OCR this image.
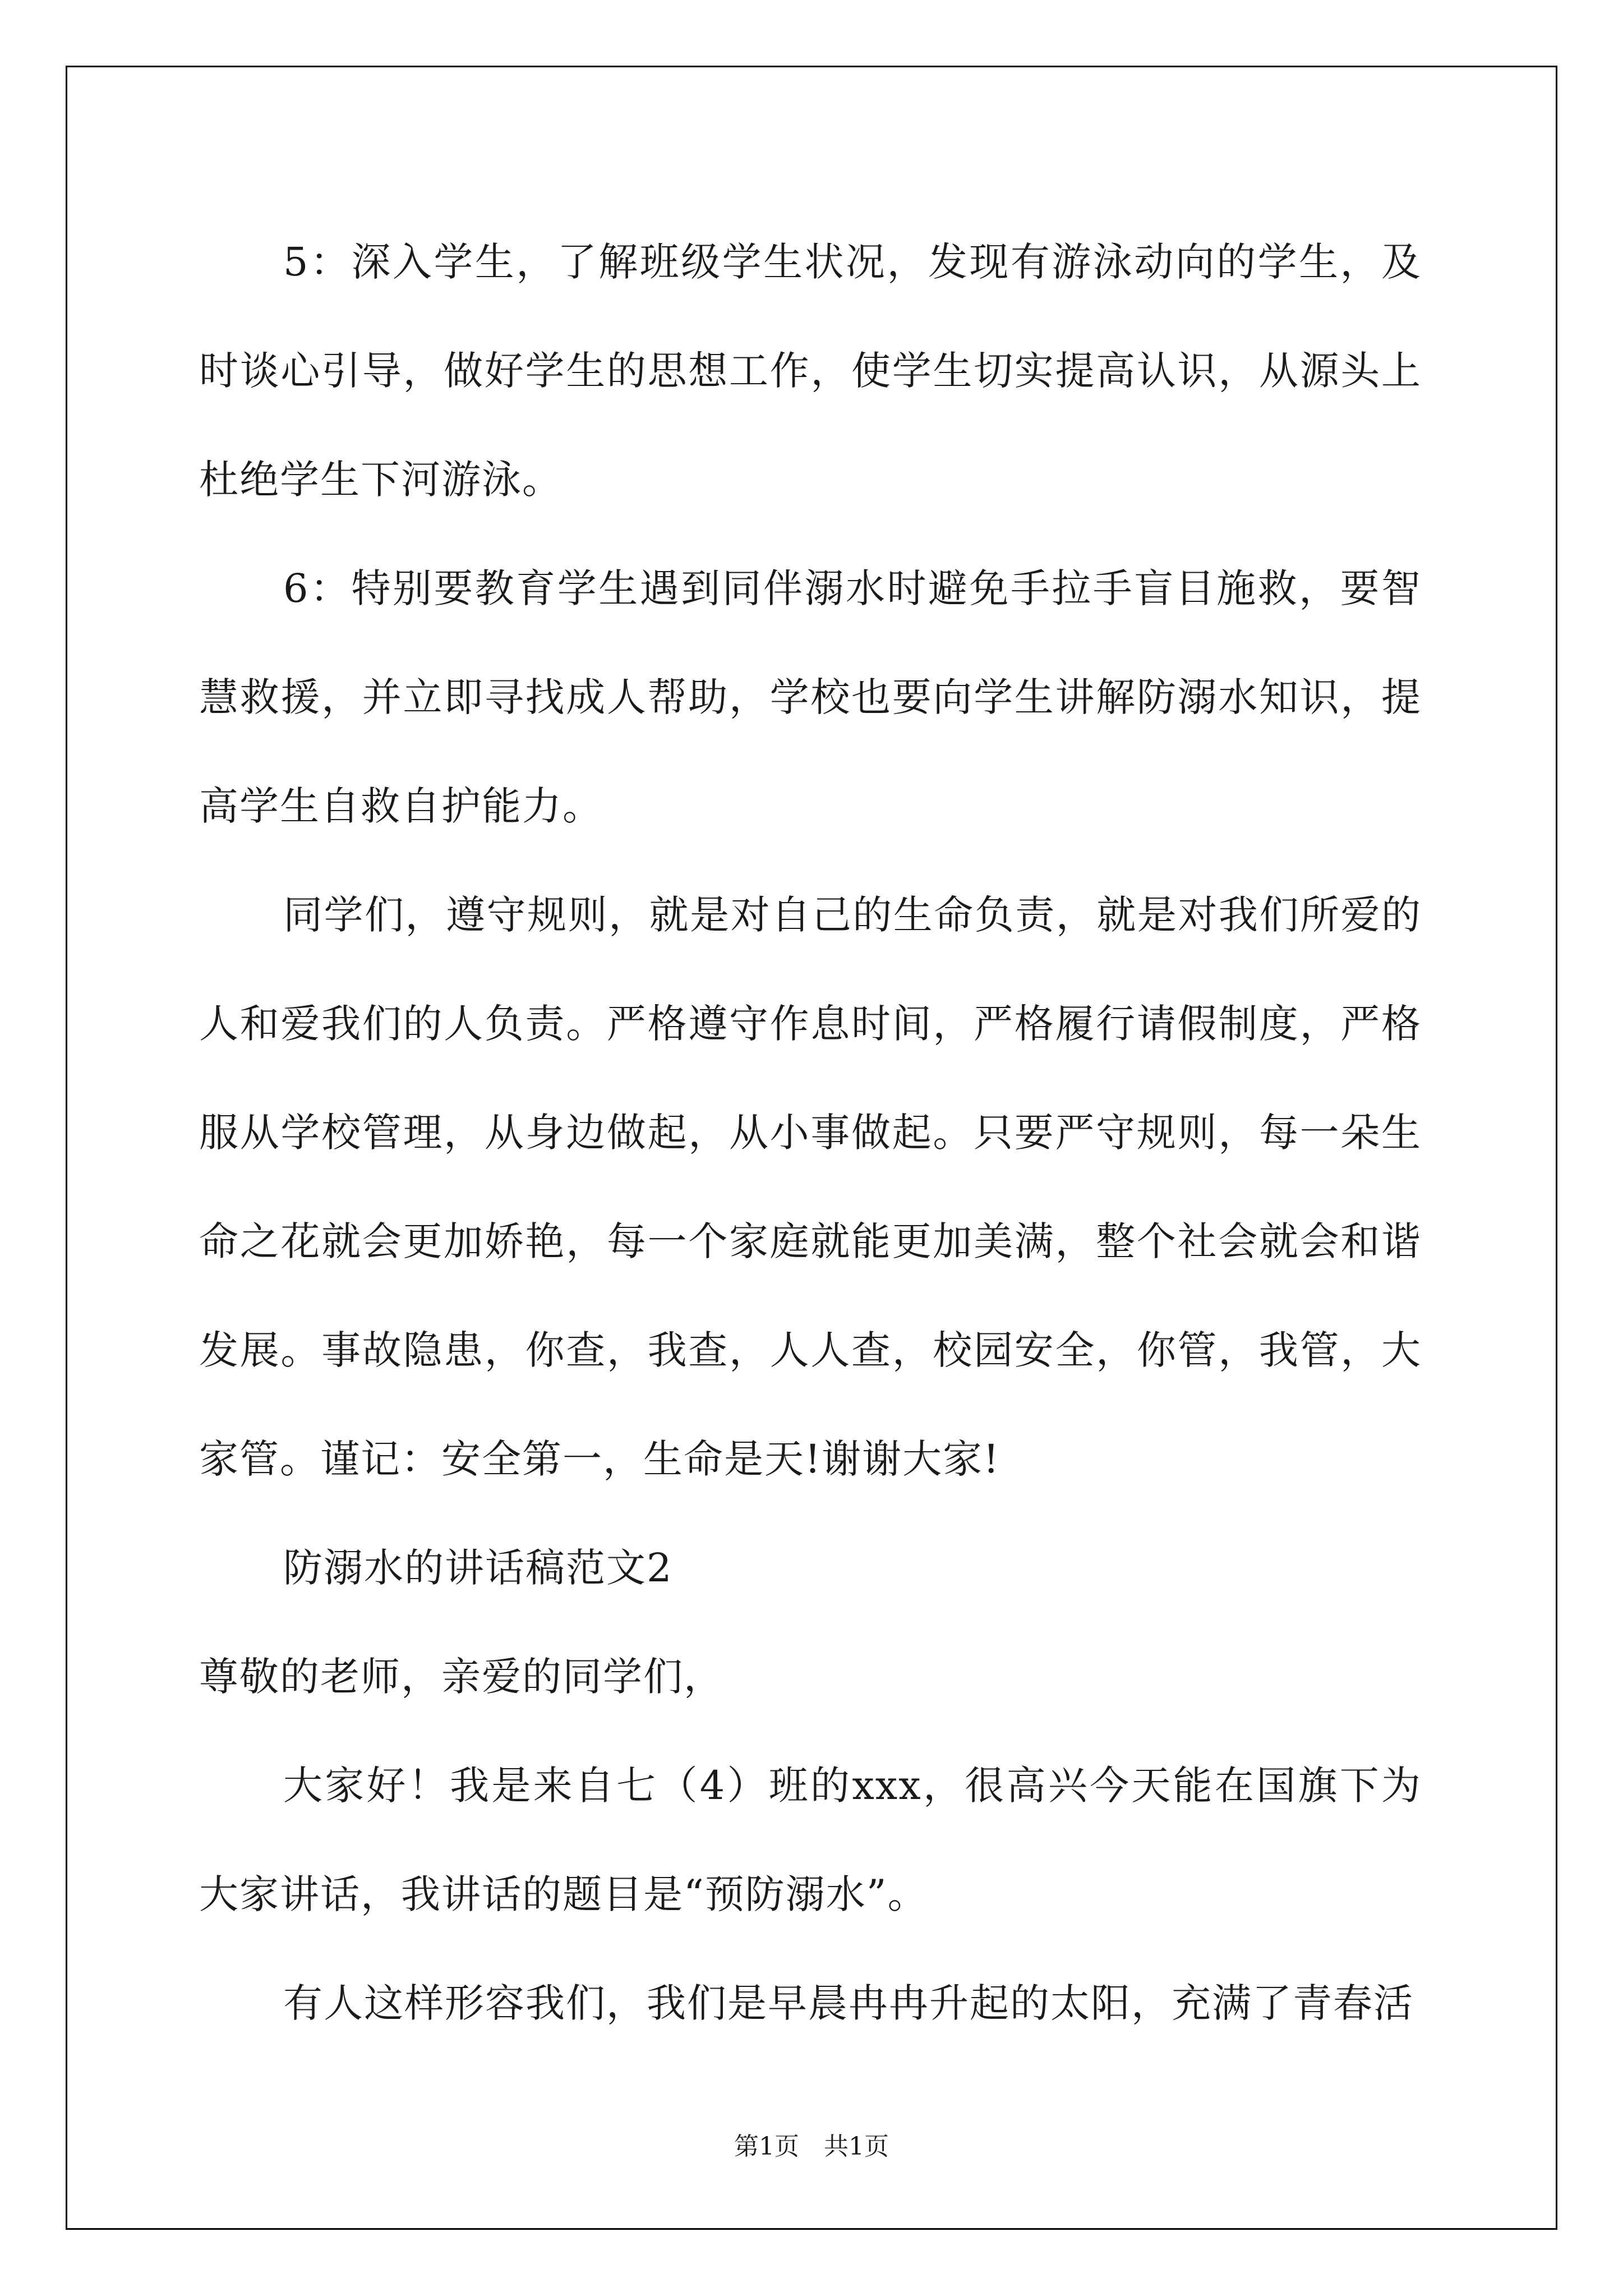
5：深入学生，了解班级学生状况，发现有游泳动向的学生，及时谈心引导，做好学生的思想工作，使学生切实提高认识，从源头上杜绝学生下河游泳。

6：特别要教育学生遇到同伴溺水时避免手拉手盲目施救，要智慧救援，并立即寻找成人帮助，学校也要向学生讲解防溺水知识，提高学生自救自护能力。

同学们，遵守规则，就是对自己的生命负责，就是对我们所爱的人和爱我们的人负责。严格遵守作息时间，严格履行请假制度，严格服从学校管理，从身边做起，从小事做起。只要严守规则，每一朵生命之花就会更加娇艳，每一个家庭就能更加美满，整个社会就会和谐发展。事故隐患，你查，我查，人人查，校园安全，你管，我管，大家管。谨记：安全第一，生命是天!谢谢大家!

防溺水的讲话稿范文2

尊敬的老师，亲爱的同学们，

大家好！我是来自七（4）班的xxx，很高兴今天能在国旗下为大家讲话，我讲话的题目是“预防溺水”。

有人这样形容我们，我们是早晨冉冉升起的太阳，充满了青春活

第1页　共1页
